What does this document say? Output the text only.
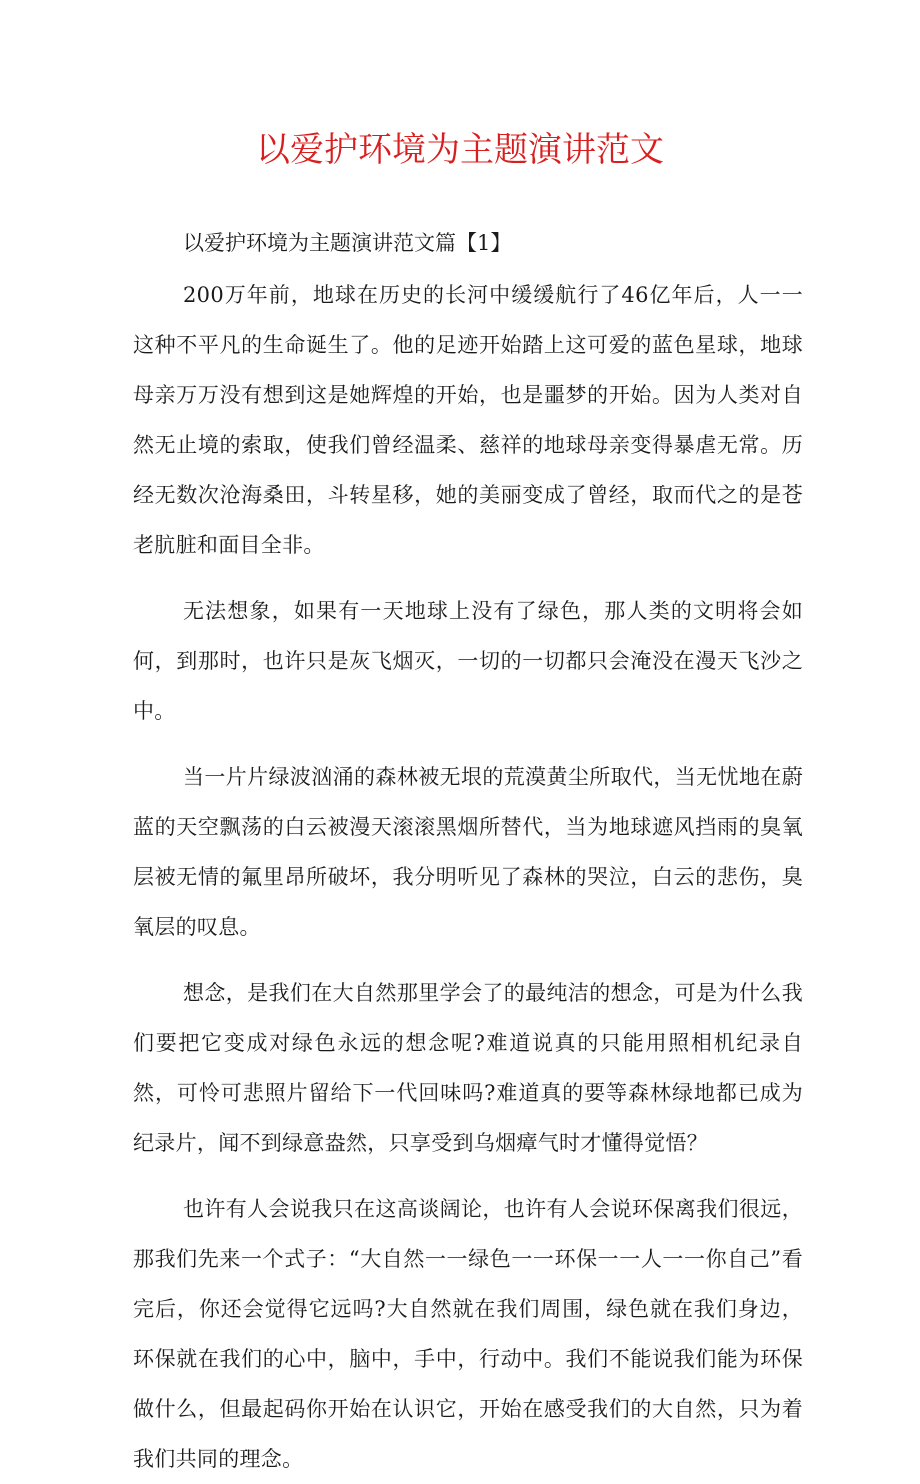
以爱护环境为主题演讲范文

以爱护环境为主题演讲范文篇【1】

200万年前，地球在历史的长河中缓缓航行了46亿年后，人一一这种不平凡的生命诞生了。他的足迹开始踏上这可爱的蓝色星球，地球母亲万万没有想到这是她辉煌的开始，也是噩梦的开始。因为人类对自然无止境的索取，使我们曾经温柔、慈祥的地球母亲变得暴虐无常。历经无数次沧海桑田，斗转星移，她的美丽变成了曾经，取而代之的是苍老肮脏和面目全非。

无法想象，如果有一天地球上没有了绿色，那人类的文明将会如何，到那时，也许只是灰飞烟灭，一切的一切都只会淹没在漫天飞沙之中。

当一片片绿波汹涌的森林被无垠的荒漠黄尘所取代，当无忧地在蔚蓝的天空飘荡的白云被漫天滚滚黑烟所替代，当为地球遮风挡雨的臭氧层被无情的氟里昂所破坏，我分明听见了森林的哭泣，白云的悲伤，臭氧层的叹息。

想念，是我们在大自然那里学会了的最纯洁的想念，可是为什么我们要把它变成对绿色永远的想念呢?难道说真的只能用照相机纪录自然，可怜可悲照片留给下一代回味吗?难道真的要等森林绿地都已成为纪录片，闻不到绿意盎然，只享受到乌烟瘴气时才懂得觉悟？

也许有人会说我只在这高谈阔论，也许有人会说环保离我们很远，那我们先来一个式子：“大自然一一绿色一一环保一一人一一你自己”看完后，你还会觉得它远吗?大自然就在我们周围，绿色就在我们身边，环保就在我们的心中，脑中，手中，行动中。我们不能说我们能为环保做什么，但最起码你开始在认识它，开始在感受我们的大自然，只为着我们共同的理念。
